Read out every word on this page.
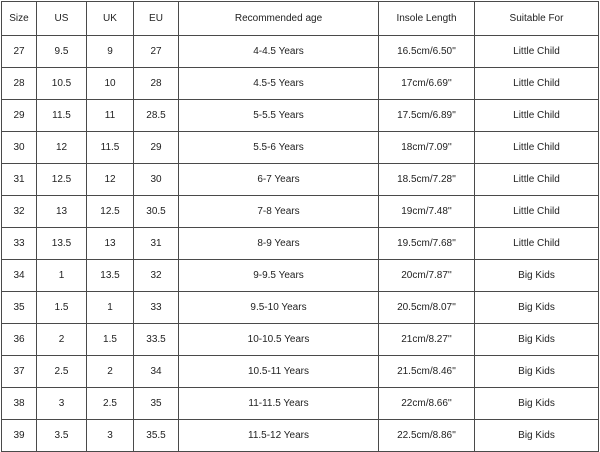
Size	US	UK	EU	Recommended age	Insole Length	Suitable For
27	9.5	9	27	4-4.5 Years	16.5cm/6.50''	Little Child
28	10.5	10	28	4.5-5 Years	17cm/6.69''	Little Child
29	11.5	11	28.5	5-5.5 Years	17.5cm/6.89''	Little Child
30	12	11.5	29	5.5-6 Years	18cm/7.09''	Little Child
31	12.5	12	30	6-7 Years	18.5cm/7.28''	Little Child
32	13	12.5	30.5	7-8 Years	19cm/7.48''	Little Child
33	13.5	13	31	8-9 Years	19.5cm/7.68''	Little Child
34	1	13.5	32	9-9.5 Years	20cm/7.87''	Big Kids
35	1.5	1	33	9.5-10 Years	20.5cm/8.07''	Big Kids
36	2	1.5	33.5	10-10.5 Years	21cm/8.27''	Big Kids
37	2.5	2	34	10.5-11 Years	21.5cm/8.46''	Big Kids
38	3	2.5	35	11-11.5 Years	22cm/8.66''	Big Kids
39	3.5	3	35.5	11.5-12 Years	22.5cm/8.86''	Big Kids
